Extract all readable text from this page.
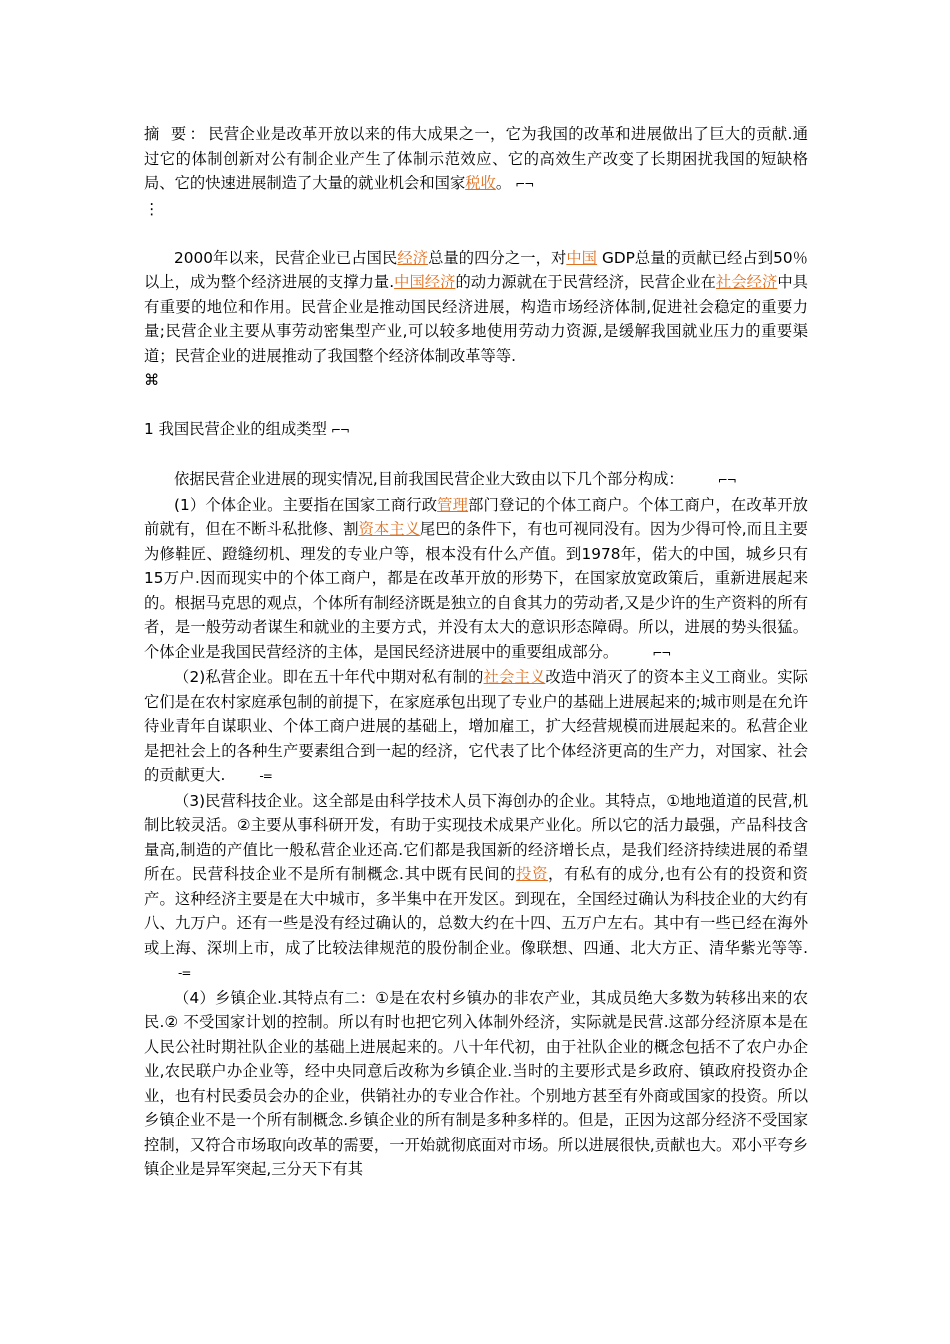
摘 要：民营企业是改革开放以来的伟大成果之一，它为我国的改革和进展做出了巨大的贡献.通过它的体制创新对公有制企业产生了体制示范效应、它的高效生产改变了长期困扰我国的短缺格局、它的快速进展制造了大量的就业机会和国家税收。 ⌐¬

⋮

2000年以来，民营企业已占国民经济总量的四分之一，对中国 GDP总量的贡献已经占到50％以上，成为整个经济进展的支撑力量.中国经济的动力源就在于民营经济，民营企业在社会经济中具有重要的地位和作用。民营企业是推动国民经济进展，构造市场经济体制,促进社会稳定的重要力量;民营企业主要从事劳动密集型产业,可以较多地使用劳动力资源,是缓解我国就业压力的重要渠道；民营企业的进展推动了我国整个经济体制改革等等.

⌘

1 我国民营企业的组成类型 ⌐¬

依据民营企业进展的现实情况,目前我国民营企业大致由以下几个部分构成：	⌐¬

(1）个体企业。主要指在国家工商行政管理部门登记的个体工商户。个体工商户，在改革开放前就有，但在不断斗私批修、割资本主义尾巴的条件下，有也可视同没有。因为少得可怜,而且主要为修鞋匠、蹬缝纫机、理发的专业户等，根本没有什么产值。到1978年，偌大的中国，城乡只有15万户.因而现实中的个体工商户，都是在改革开放的形势下，在国家放宽政策后，重新进展起来的。根据马克思的观点，个体所有制经济既是独立的自食其力的劳动者,又是少许的生产资料的所有者，是一般劳动者谋生和就业的主要方式，并没有太大的意识形态障碍。所以，进展的势头很猛。个体企业是我国民营经济的主体，是国民经济进展中的重要组成部分。	⌐¬

（2)私营企业。即在五十年代中期对私有制的社会主义改造中消灭了的资本主义工商业。实际它们是在农村家庭承包制的前提下，在家庭承包出现了专业户的基础上进展起来的;城市则是在允许待业青年自谋职业、个体工商户进展的基础上，增加雇工，扩大经营规模而进展起来的。私营企业是把社会上的各种生产要素组合到一起的经济，它代表了比个体经济更高的生产力，对国家、社会的贡献更大.	-=

（3)民营科技企业。这全部是由科学技术人员下海创办的企业。其特点，①地地道道的民营,机制比较灵活。②主要从事科研开发，有助于实现技术成果产业化。所以它的活力最强，产品科技含量高,制造的产值比一般私营企业还高.它们都是我国新的经济增长点，是我们经济持续进展的希望所在。民营科技企业不是所有制概念.其中既有民间的投资，有私有的成分,也有公有的投资和资产。这种经济主要是在大中城市，多半集中在开发区。到现在，全国经过确认为科技企业的大约有八、九万户。还有一些是没有经过确认的，总数大约在十四、五万户左右。其中有一些已经在海外或上海、深圳上市，成了比较法律规范的股份制企业。像联想、四通、北大方正、清华紫光等等.-=

（4）乡镇企业.其特点有二：①是在农村乡镇办的非农产业，其成员绝大多数为转移出来的农民.② 不受国家计划的控制。所以有时也把它列入体制外经济，实际就是民营.这部分经济原本是在人民公社时期社队企业的基础上进展起来的。八十年代初，由于社队企业的概念包括不了农户办企业,农民联户办企业等，经中央同意后改称为乡镇企业.当时的主要形式是乡政府、镇政府投资办企业，也有村民委员会办的企业，供销社办的专业合作社。个别地方甚至有外商或国家的投资。所以乡镇企业不是一个所有制概念.乡镇企业的所有制是多种多样的。但是，正因为这部分经济不受国家控制，又符合市场取向改革的需要，一开始就彻底面对市场。所以进展很快,贡献也大。邓小平夸乡镇企业是异军突起,三分天下有其
